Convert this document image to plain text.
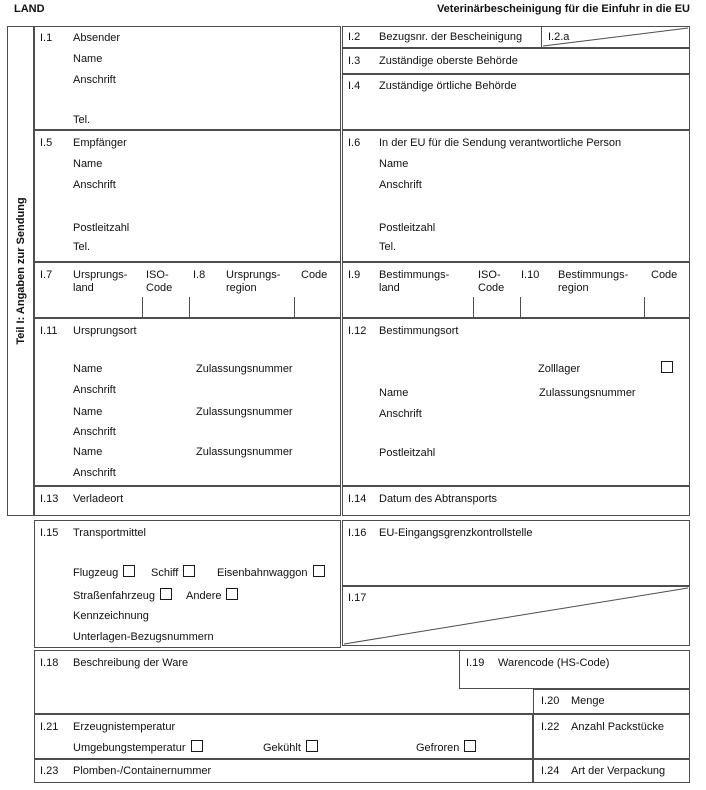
LAND	Veterinärbescheinigung für die Einfuhr in die EU
Teil I: Angaben zur Sendung
I.1 Absender
Name
Anschrift
Tel.
I.2 Bezugsnr. der Bescheinigung I.2.a
I.3 Zuständige oberste Behörde
I.4 Zuständige örtliche Behörde
I.5 Empfänger
Name
Anschrift
Postleitzahl
Tel.
I.6 In der EU für die Sendung verantwortliche Person
Name
Anschrift
Postleitzahl
Tel.
I.7 Ursprungs-
land
ISO-
Code
I.8 Ursprungs-
region
Code I.9 Bestimmungs-
land
ISO-
Code
I.10 Bestimmungs-
region
Code
I.11 Ursprungsort
Name	Zulassungsnummer
Anschrift
Name	Zulassungsnummer
Anschrift
Name	Zulassungsnummer
Anschrift
I.12 Bestimmungsort
Zolllager
Name	Zulassungsnummer
Anschrift
Postleitzahl
I.13 Verladeort	I.14 Datum des Abtransports
I.15 Transportmittel
Flugzeug	Schiff	Eisenbahnwaggon
Straßenfahrzeug	Andere
Kennzeichnung
Unterlagen-Bezugsnummern
I.16 EU-Eingangsgrenzkontrollstelle
I.17
I.18 Beschreibung der Ware	I.19 Warencode (HS-Code)
I.20 Menge
I.21 Erzeugnistemperatur
Umgebungstemperatur	Gekühlt	Gefroren
I.22 Anzahl Packstücke
I.23 Plomben-/Containernummer	I.24 Art der Verpackung
